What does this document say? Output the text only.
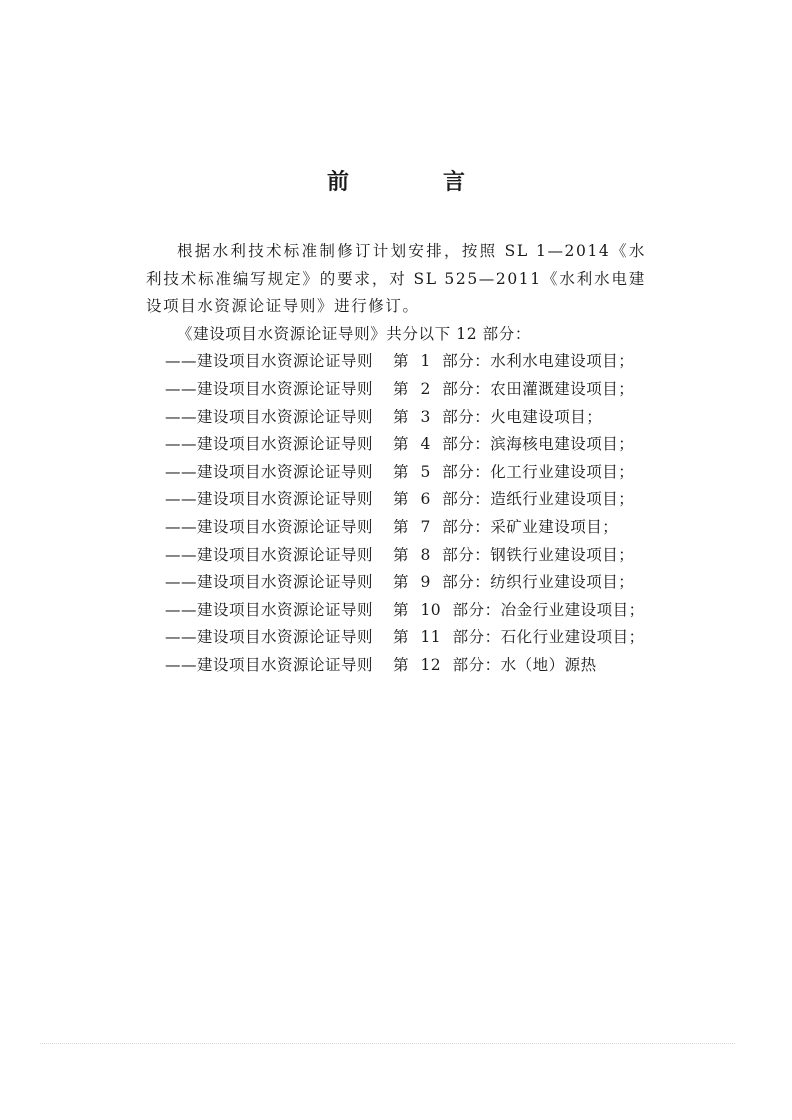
前　言

根据水利技术标准制修订计划安排，按照 SL 1—2014《水利技术标准编写规定》的要求，对 SL 525—2011《水利水电建设项目水资源论证导则》进行修订。

《建设项目水资源论证导则》共分以下 12 部分：

——建设项目水资源论证导则 第 1 部分：水利水电建设项目；
——建设项目水资源论证导则 第 2 部分：农田灌溉建设项目；
——建设项目水资源论证导则 第 3 部分：火电建设项目；
——建设项目水资源论证导则 第 4 部分：滨海核电建设项目；
——建设项目水资源论证导则 第 5 部分：化工行业建设项目；
——建设项目水资源论证导则 第 6 部分：造纸行业建设项目；
——建设项目水资源论证导则 第 7 部分：采矿业建设项目；
——建设项目水资源论证导则 第 8 部分：钢铁行业建设项目；
——建设项目水资源论证导则 第 9 部分：纺织行业建设项目；
——建设项目水资源论证导则 第 10 部分：冶金行业建设项目；
——建设项目水资源论证导则 第 11 部分：石化行业建设项目；
——建设项目水资源论证导则 第 12 部分：水（地）源热
